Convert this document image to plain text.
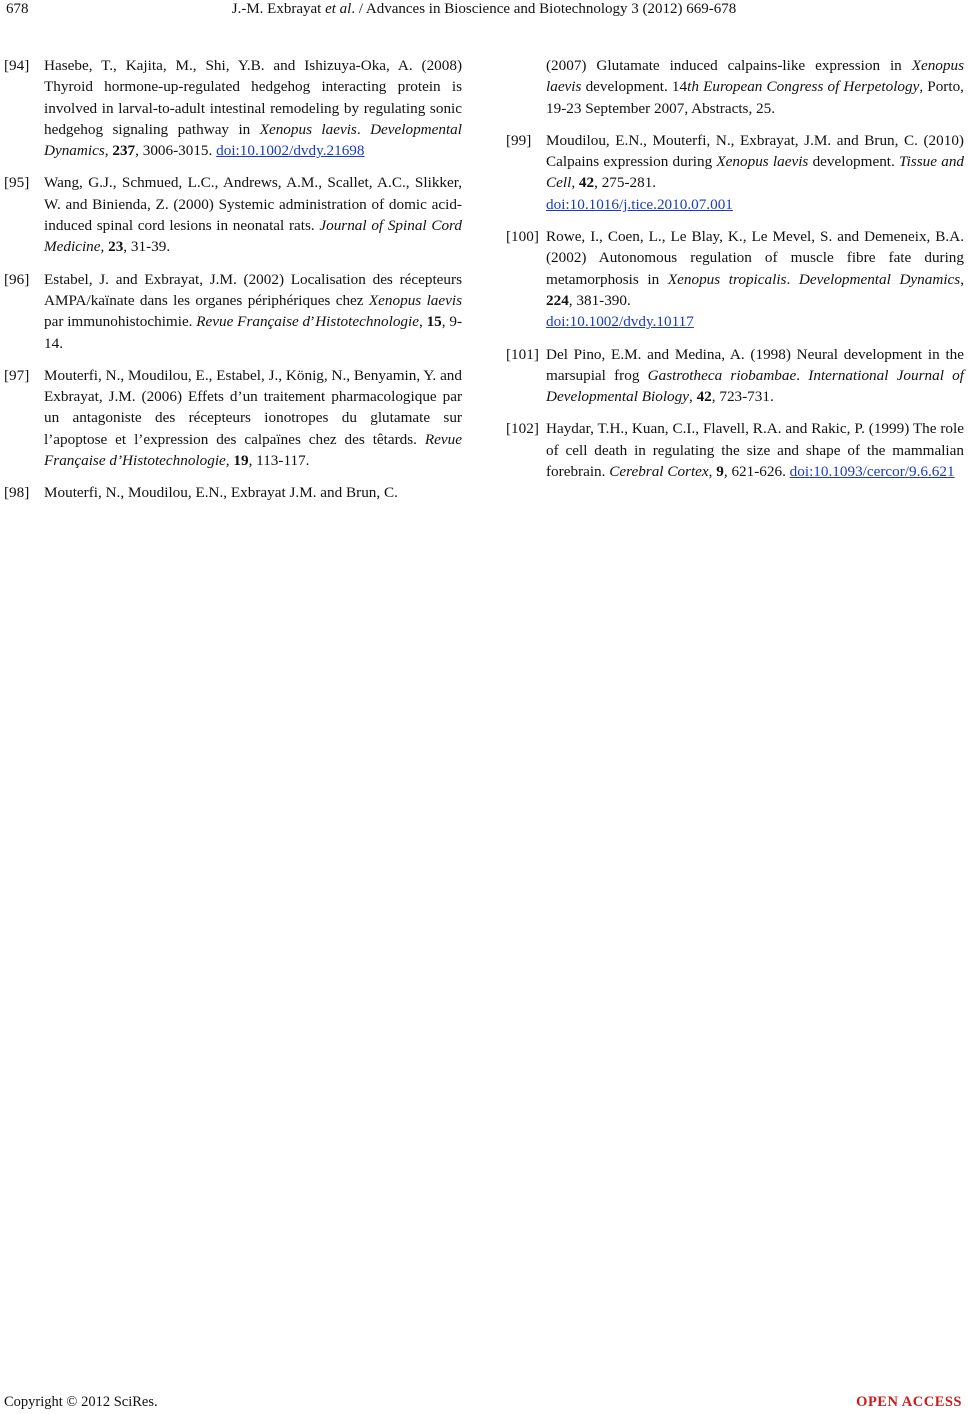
678	J.-M. Exbrayat et al. / Advances in Bioscience and Biotechnology 3 (2012) 669-678
[94] Hasebe, T., Kajita, M., Shi, Y.B. and Ishizuya-Oka, A. (2008) Thyroid hormone-up-regulated hedgehog interacting protein is involved in larval-to-adult intestinal remodeling by regulating sonic hedgehog signaling pathway in Xenopus laevis. Developmental Dynamics, 237, 3006-3015. doi:10.1002/dvdy.21698
[95] Wang, G.J., Schmued, L.C., Andrews, A.M., Scallet, A.C., Slikker, W. and Binienda, Z. (2000) Systemic administration of domic acid-induced spinal cord lesions in neonatal rats. Journal of Spinal Cord Medicine, 23, 31-39.
[96] Estabel, J. and Exbrayat, J.M. (2002) Localisation des récepteurs AMPA/kaïnate dans les organes périphériques chez Xenopus laevis par immunohistochimie. Revue Française d’Histotechnologie, 15, 9-14.
[97] Mouterfi, N., Moudilou, E., Estabel, J., König, N., Benyamin, Y. and Exbrayat, J.M. (2006) Effets d’un traitement pharmacologique par un antagoniste des récepteurs ionotropes du glutamate sur l’apoptose et l’expression des calpaïnes chez des têtards. Revue Française d’Histotechnologie, 19, 113-117.
[98] Mouterfi, N., Moudilou, E.N., Exbrayat J.M. and Brun, C.
(2007) Glutamate induced calpains-like expression in Xenopus laevis development. 14th European Congress of Herpetology, Porto, 19-23 September 2007, Abstracts, 25.
[99] Moudilou, E.N., Mouterfi, N., Exbrayat, J.M. and Brun, C. (2010) Calpains expression during Xenopus laevis development. Tissue and Cell, 42, 275-281.
doi:10.1016/j.tice.2010.07.001
[100] Rowe, I., Coen, L., Le Blay, K., Le Mevel, S. and Demeneix, B.A. (2002) Autonomous regulation of muscle fibre fate during metamorphosis in Xenopus tropicalis. Developmental Dynamics, 224, 381-390.
doi:10.1002/dvdy.10117
[101] Del Pino, E.M. and Medina, A. (1998) Neural development in the marsupial frog Gastrotheca riobambae. International Journal of Developmental Biology, 42, 723-731.
[102] Haydar, T.H., Kuan, C.I., Flavell, R.A. and Rakic, P. (1999) The role of cell death in regulating the size and shape of the mammalian forebrain. Cerebral Cortex, 9, 621-626. doi:10.1093/cercor/9.6.621
Copyright © 2012 SciRes.	OPEN ACCESS
